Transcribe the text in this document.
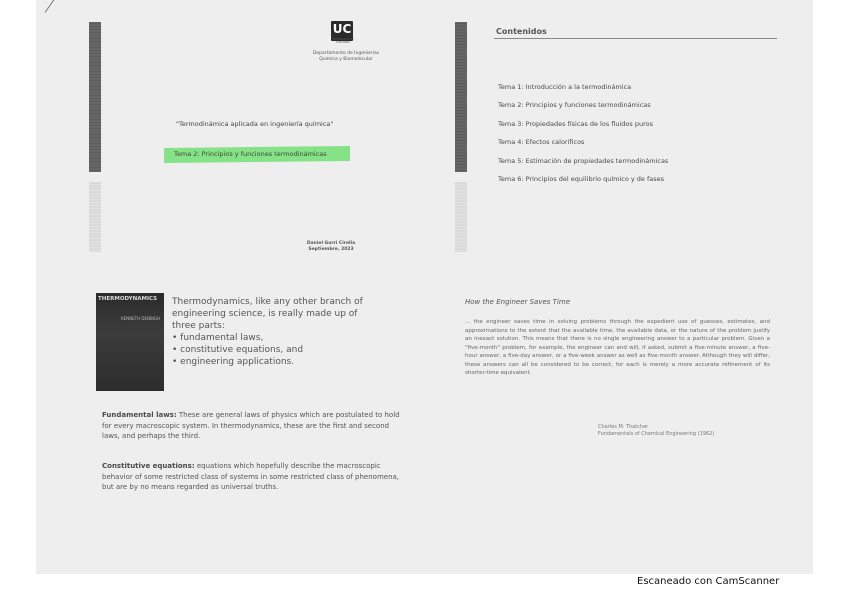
UC
UNIVERSIDAD DE CANTABRIA
Departamento de Ingenierías
Química y Biomolecular
"Termodinámica aplicada en ingeniería química"
Tema 2: Principios y funciones termodinámicas
Daniel Gorri Cirella
Septiembre, 2023
Contenidos
Tema 1: Introducción a la termodinámica
Tema 2: Principios y funciones termodinámicas
Tema 3: Propiedades físicas de los fluidos puros
Tema 4: Efectos caloríficos
Tema 5: Estimación de propiedades termodinámicas
Tema 6: Principios del equilibrio químico y de fases
THERMODYNAMICS
KENNETH DENBIGH
Thermodynamics, like any other branch of engineering science, is really made up of three parts:
• fundamental laws,
• constitutive equations, and
• engineering applications.
Fundamental laws: These are general laws of physics which are postulated to hold for every macroscopic system. In thermodynamics, these are the first and second laws, and perhaps the third.
Constitutive equations: equations which hopefully describe the macroscopic behavior of some restricted class of systems in some restricted class of phenomena, but are by no means regarded as universal truths.
How the Engineer Saves Time
... the engineer saves time in solving problems through the expedient use of guesses, estimates, and approximations to the extent that the available time, the available data, or the nature of the problem justify an inexact solution. This means that there is no single engineering answer to a particular problem. Given a "five-month" problem, for example, the engineer can and will, if asked, submit a five-minute answer, a five-hour answer, a five-day answer, or a five-week answer as well as five-month answer. Although they will differ, these answers can all be considered to be correct, for each is merely a more accurate refinement of its shorter-time equivalent.
Charles M. Thatcher
Fundamentals of Chemical Engineering (1962)
Escaneado con CamScanner
